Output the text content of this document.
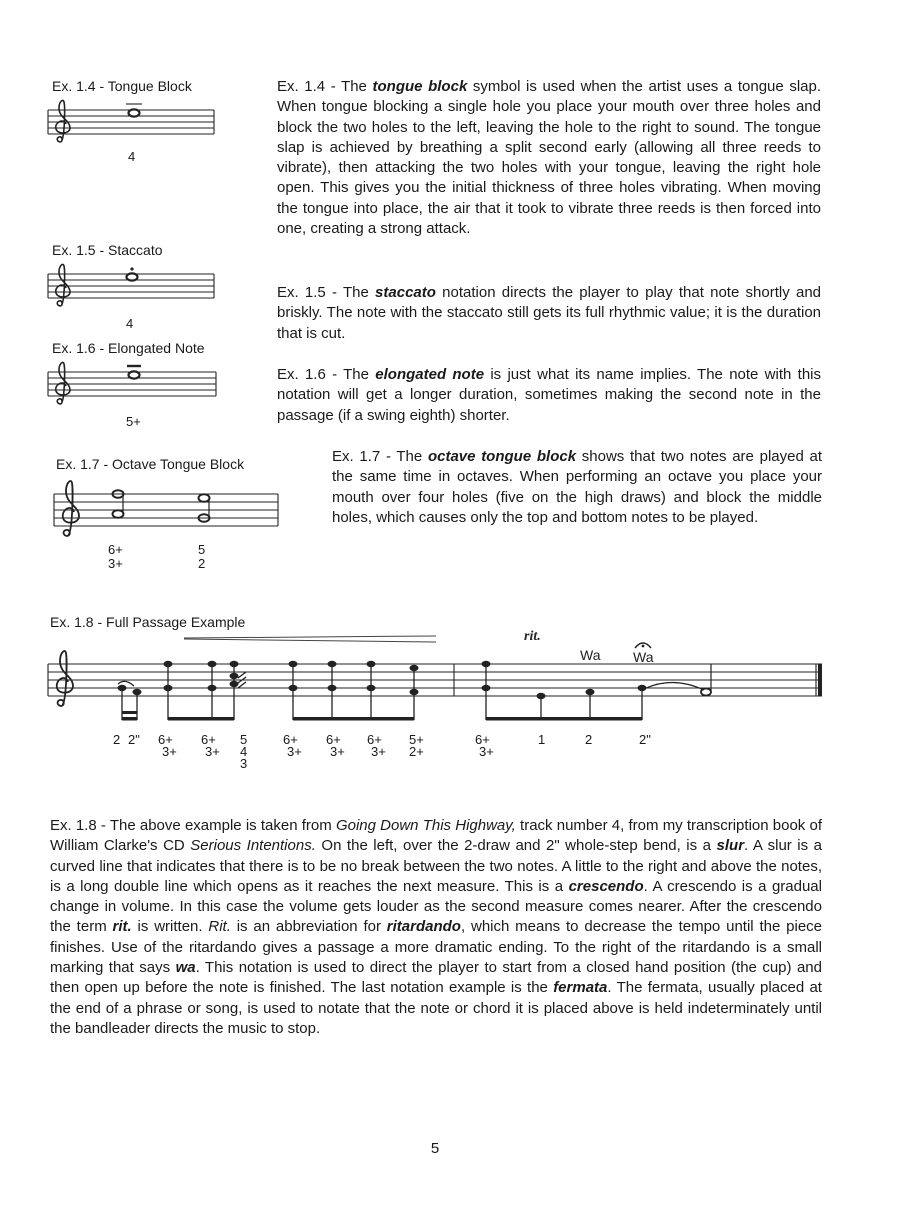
Ex. 1.4 - Tongue Block
4
Ex. 1.5 - Staccato
4
Ex. 1.6 - Elongated Note
5+
Ex. 1.7 - Octave Tongue Block
6+
3+
5
2

Ex. 1.4 - The tongue block symbol is used when the artist uses a tongue slap. When tongue blocking a single hole you place your mouth over three holes and block the two holes to the left, leaving the hole to the right to sound. The tongue slap is achieved by breathing a split second early (allowing all three reeds to vibrate), then attacking the two holes with your tongue, leaving the right hole open. This gives you the initial thickness of three holes vibrating. When moving the tongue into place, the air that it took to vibrate three reeds is then forced into one, creating a strong attack.

Ex. 1.5 - The staccato notation directs the player to play that note shortly and briskly. The note with the staccato still gets its full rhythmic value; it is the duration that is cut.

Ex. 1.6 - The elongated note is just what its name implies. The note with this notation will get a longer duration, sometimes making the second note in the passage (if a swing eighth) shorter.

Ex. 1.7 - The octave tongue block shows that two notes are played at the same time in octaves. When performing an octave you place your mouth over four holes (five on the high draws) and block the middle holes, which causes only the top and bottom notes to be played.

Ex. 1.8 - Full Passage Example
rit.
Wa Wa
2 2" 6+
3+
6+
3+
5
4
3
6+
3+
6+
3+
6+
3+
5+
2+
6+
3+
1	2	2"

Ex. 1.8 - The above example is taken from Going Down This Highway, track number 4, from my transcription book of William Clarke's CD Serious Intentions. On the left, over the 2-draw and 2" whole-step bend, is a slur. A slur is a curved line that indicates that there is to be no break between the two notes. A little to the right and above the notes, is a long double line which opens as it reaches the next measure. This is a crescendo. A crescendo is a gradual change in volume. In this case the volume gets louder as the second measure comes nearer. After the crescendo the term rit. is written. Rit. is an abbreviation for ritardando, which means to decrease the tempo until the piece finishes. Use of the ritardando gives a passage a more dramatic ending. To the right of the ritardando is a small marking that says wa. This notation is used to direct the player to start from a closed hand position (the cup) and then open up before the note is finished. The last notation example is the fermata. The fermata, usually placed at the end of a phrase or song, is used to notate that the note or chord it is placed above is held indeterminately until the bandleader directs the music to stop.

5
